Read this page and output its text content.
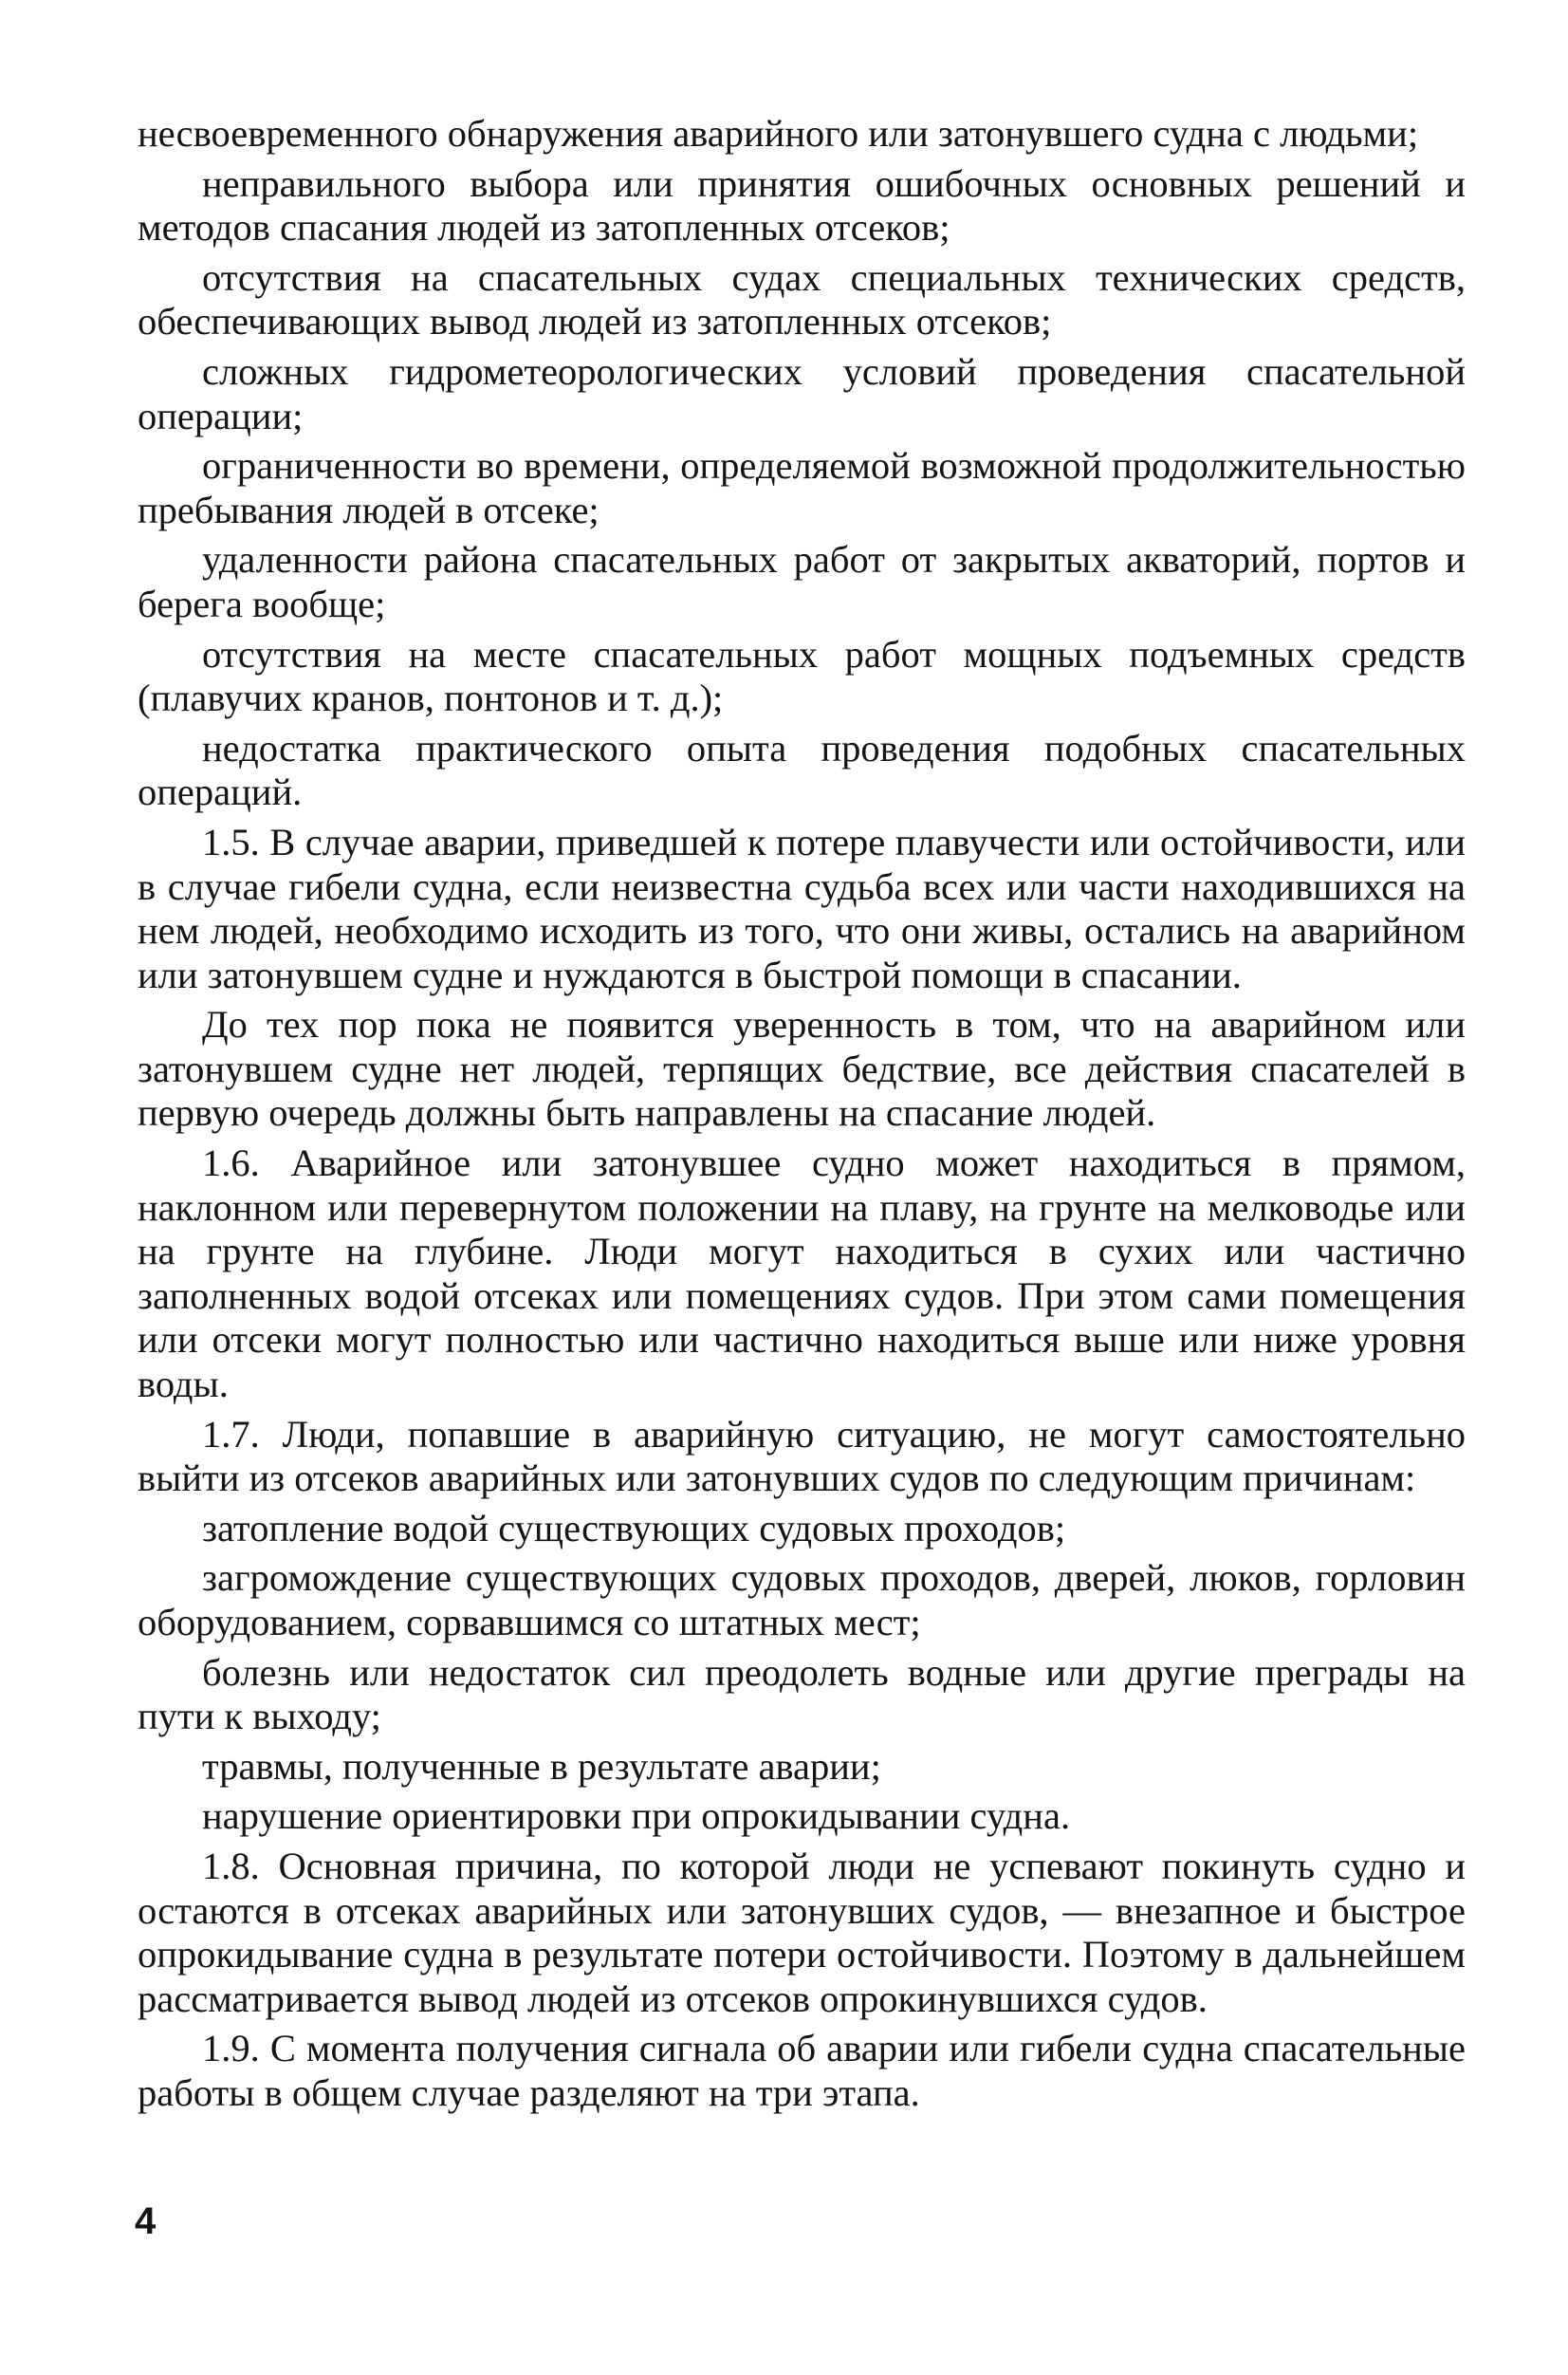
несвоевременного обнаружения аварийного или затонувшего судна с людьми;

неправильного выбора или принятия ошибочных основных решений и методов спасания людей из затопленных отсеков;

отсутствия на спасательных судах специальных технических средств, обеспечивающих вывод людей из затопленных отсеков;

сложных гидрометеорологических условий проведения спасательной операции;

ограниченности во времени, определяемой возможной продолжительностью пребывания людей в отсеке;

удаленности района спасательных работ от закрытых акваторий, портов и берега вообще;

отсутствия на месте спасательных работ мощных подъемных средств (плавучих кранов, понтонов и т. д.);

недостатка практического опыта проведения подобных спасательных операций.

1.5. В случае аварии, приведшей к потере плавучести или остойчивости, или в случае гибели судна, если неизвестна судьба всех или части находившихся на нем людей, необходимо исходить из того, что они живы, остались на аварийном или затонувшем судне и нуждаются в быстрой помощи в спасании.

До тех пор пока не появится уверенность в том, что на аварийном или затонувшем судне нет людей, терпящих бедствие, все действия спасателей в первую очередь должны быть направлены на спасание людей.

1.6. Аварийное или затонувшее судно может находиться в прямом, наклонном или перевернутом положении на плаву, на грунте на мелководье или на грунте на глубине. Люди могут находиться в сухих или частично заполненных водой отсеках или помещениях судов. При этом сами помещения или отсеки могут полностью или частично находиться выше или ниже уровня воды.

1.7. Люди, попавшие в аварийную ситуацию, не могут самостоятельно выйти из отсеков аварийных или затонувших судов по следующим причинам:

затопление водой существующих судовых проходов;

загромождение существующих судовых проходов, дверей, люков, горловин оборудованием, сорвавшимся со штатных мест;

болезнь или недостаток сил преодолеть водные или другие преграды на пути к выходу;

травмы, полученные в результате аварии;

нарушение ориентировки при опрокидывании судна.

1.8. Основная причина, по которой люди не успевают покинуть судно и остаются в отсеках аварийных или затонувших судов, — внезапное и быстрое опрокидывание судна в результате потери остойчивости. Поэтому в дальнейшем рассматривается вывод людей из отсеков опрокинувшихся судов.

1.9. С момента получения сигнала об аварии или гибели судна спасательные работы в общем случае разделяют на три этапа.

4
